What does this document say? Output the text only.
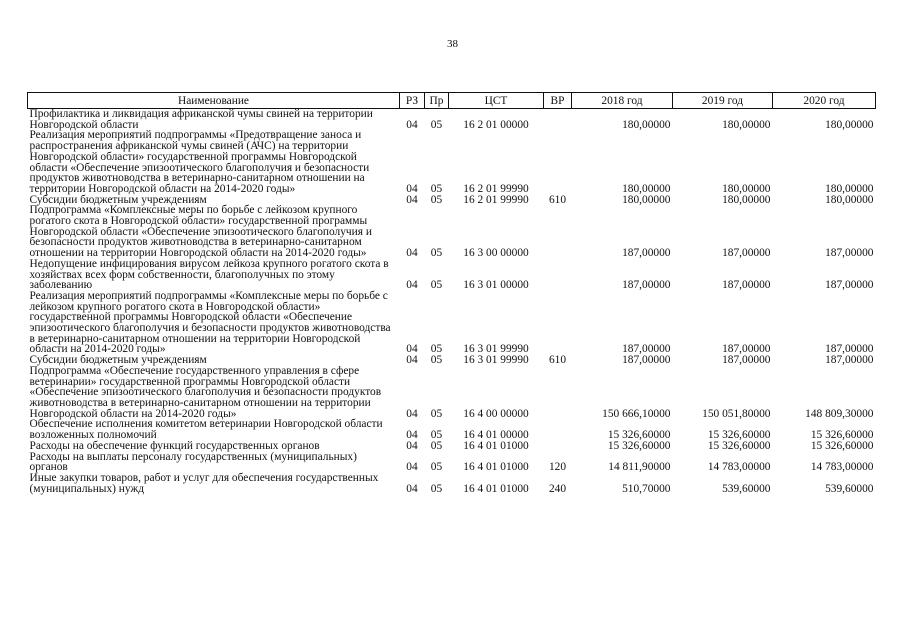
38
Наименование	РЗ	Пр	ЦСТ	ВР	2018 год	2019 год	2020 год
Профилактика и ликвидация африканской чумы свиней на территории Новгородской области	04	05	16 2 01 00000		180,00000	180,00000	180,00000
Реализация мероприятий подпрограммы «Предотвращение заноса и распространения африканской чумы свиней (АЧС) на территории Новгородской области» государственной программы Новгородской области «Обеспечение эпизоотического благополучия и безопасности продуктов животноводства в ветеринарно-санитарном отношении на территории Новгородской области на 2014-2020 годы»	04	05	16 2 01 99990		180,00000	180,00000	180,00000
Субсидии бюджетным учреждениям	04	05	16 2 01 99990	610	180,00000	180,00000	180,00000
Подпрограмма «Комплексные меры по борьбе с лейкозом крупного рогатого скота в Новгородской области» государственной программы Новгородской области «Обеспечение эпизоотического благополучия и безопасности продуктов животноводства в ветеринарно-санитарном отношении на территории Новгородской области на 2014-2020 годы»	04	05	16 3 00 00000		187,00000	187,00000	187,00000
Недопущение инфицирования вирусом лейкоза крупного рогатого скота в хозяйствах всех форм собственности, благополучных по этому заболеванию	04	05	16 3 01 00000		187,00000	187,00000	187,00000
Реализация мероприятий подпрограммы «Комплексные меры по борьбе с лейкозом крупного рогатого скота в Новгородской области» государственной программы Новгородской области «Обеспечение эпизоотического благополучия и безопасности продуктов животноводства в ветеринарно-санитарном отношении на территории Новгородской области на 2014-2020 годы»	04	05	16 3 01 99990		187,00000	187,00000	187,00000
Субсидии бюджетным учреждениям	04	05	16 3 01 99990	610	187,00000	187,00000	187,00000
Подпрограмма «Обеспечение государственного управления в сфере ветеринарии» государственной программы Новгородской области «Обеспечение эпизоотического благополучия и безопасности продуктов животноводства в ветеринарно-санитарном отношении на территории Новгородской области на 2014-2020 годы»	04	05	16 4 00 00000		150 666,10000	150 051,80000	148 809,30000
Обеспечение исполнения комитетом ветеринарии Новгородской области возложенных полномочий	04	05	16 4 01 00000		15 326,60000	15 326,60000	15 326,60000
Расходы на обеспечение функций государственных органов	04	05	16 4 01 01000		15 326,60000	15 326,60000	15 326,60000
Расходы на выплаты персоналу государственных (муниципальных) органов	04	05	16 4 01 01000	120	14 811,90000	14 783,00000	14 783,00000
Иные закупки товаров, работ и услуг для обеспечения государственных (муниципальных) нужд	04	05	16 4 01 01000	240	510,70000	539,60000	539,60000
